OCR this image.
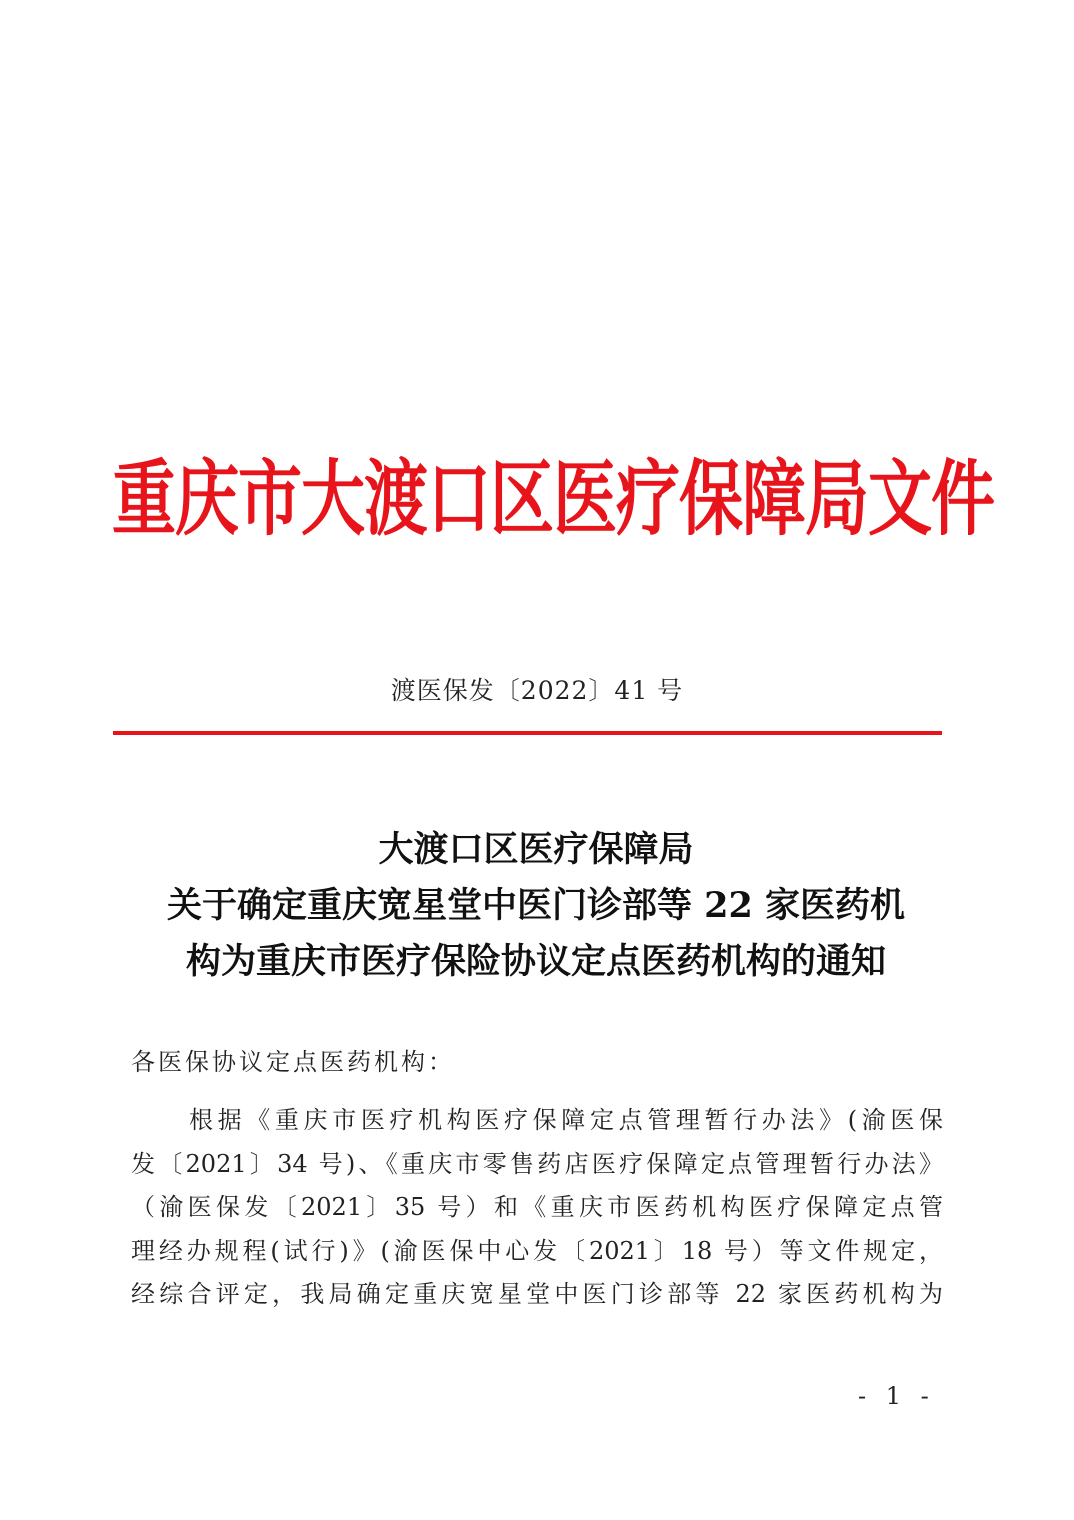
重庆市大渡口区医疗保障局文件
渡医保发〔2022〕41 号
大渡口区医疗保障局
关于确定重庆宽星堂中医门诊部等 22 家医药机
构为重庆市医疗保险协议定点医药机构的通知
各医保协议定点医药机构：
根据《重庆市医疗机构医疗保障定点管理暂行办法》(渝医保
发〔2021〕34 号)、《重庆市零售药店医疗保障定点管理暂行办法》
（渝医保发〔2021〕35 号）和《重庆市医药机构医疗保障定点管
理经办规程(试行)》(渝医保中心发〔2021〕18 号）等文件规定，
经综合评定，我局确定重庆宽星堂中医门诊部等 22 家医药机构为
- 1 -
